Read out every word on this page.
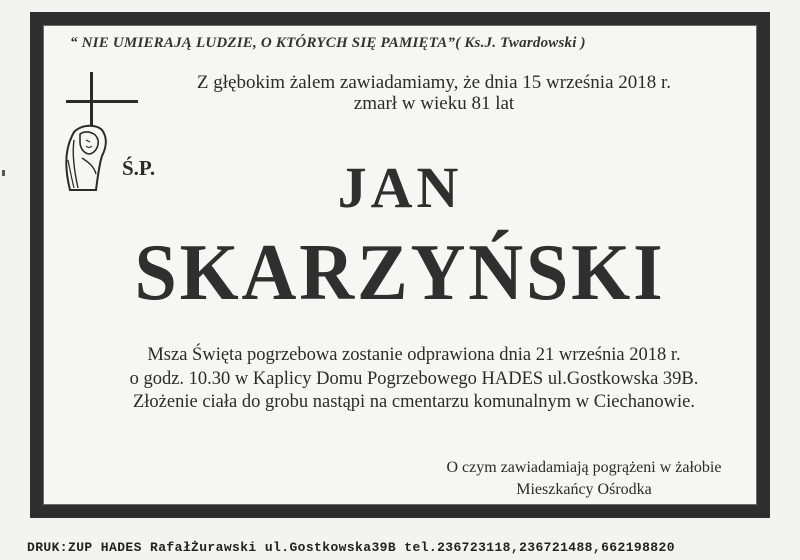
“ NIE UMIERAJĄ LUDZIE, O KTÓRYCH SIĘ PAMIĘTA”( Ks.J. Twardowski )
Ś.P.
Z głębokim żalem zawiadamiamy, że dnia 15 września 2018 r.
zmarł w wieku 81 lat
JAN
SKARZYŃSKI
Msza Święta pogrzebowa zostanie odprawiona dnia 21 września 2018 r.
o godz. 10.30 w Kaplicy Domu Pogrzebowego HADES ul.Gostkowska 39B.
Złożenie ciała do grobu nastąpi na cmentarzu komunalnym w Ciechanowie.
O czym zawiadamiają pogrążeni w żałobie
Mieszkańcy Ośrodka
DRUK:ZUP HADES RafałŻurawski ul.Gostkowska39B tel.236723118,236721488,662198820
